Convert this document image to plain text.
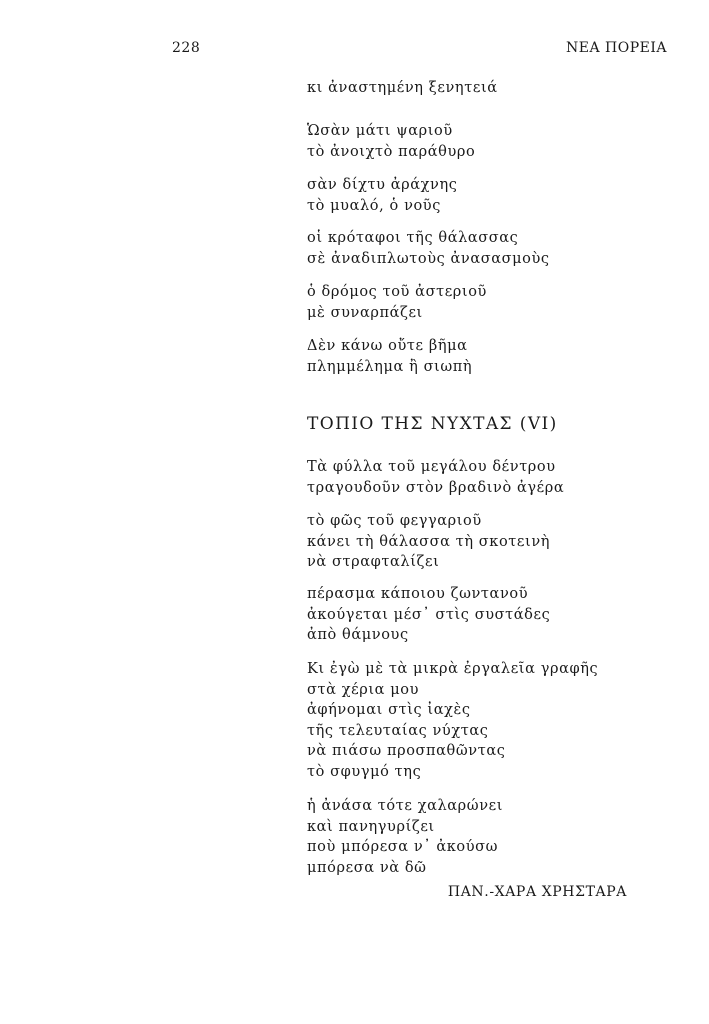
228	ΝΕΑ ΠΟΡΕΙΑ
κι ἀναστημένη ξενητειά
Ὡσὰν μάτι ψαριοῦ
τὸ ἀνοιχτὸ παράθυρο
σὰν δίχτυ ἀράχνης
τὸ μυαλό, ὁ νοῦς
οἱ κρόταφοι τῆς θάλασσας
σὲ ἀναδιπλωτοὺς ἀνασασμοὺς
ὁ δρόμος τοῦ ἀστεριοῦ
μὲ συναρπάζει
Δὲν κάνω οὔτε βῆμα
πλημμέλημα ἢ σιωπὴ
ΤΟΠΙΟ ΤΗΣ ΝΥΧΤΑΣ (VI)
Τὰ φύλλα τοῦ μεγάλου δέντρου
τραγουδοῦν στὸν βραδινὸ ἀγέρα
τὸ φῶς τοῦ φεγγαριοῦ
κάνει τὴ θάλασσα τὴ σκοτεινὴ
νὰ στραφταλίζει
πέρασμα κάποιου ζωντανοῦ
ἀκούγεται μέσ᾽ στὶς συστάδες
ἀπὸ θάμνους
Κι ἐγὼ μὲ τὰ μικρὰ ἐργαλεῖα γραφῆς
στὰ χέρια μου
ἀφήνομαι στὶς ἰαχὲς
τῆς τελευταίας νύχτας
νὰ πιάσω προσπαθῶντας
τὸ σφυγμό της
ἡ ἀνάσα τότε χαλαρώνει
καὶ πανηγυρίζει
ποὺ μπόρεσα ν᾽ ἀκούσω
μπόρεσα νὰ δῶ
ΠΑΝ.-ΧΑΡΑ ΧΡΗΣΤΑΡΑ
